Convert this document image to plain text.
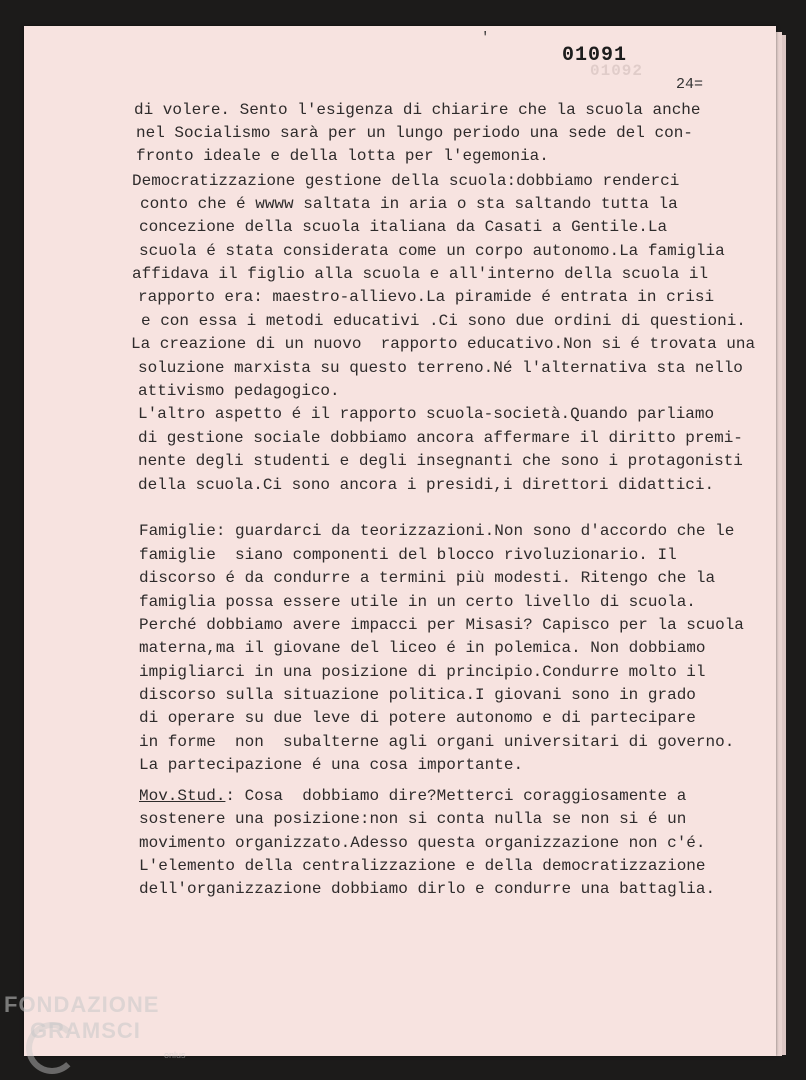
'
01092
01091
24=
di volere. Sento l'esigenza di chiarire che la scuola anche
nel Socialismo sarà per un lungo periodo una sede del con-
fronto ideale e della lotta per l'egemonia.
Democratizzazione gestione della scuola:dobbiamo renderci
conto che é wwww saltata in aria o sta saltando tutta la
concezione della scuola italiana da Casati a Gentile.La
scuola é stata considerata come un corpo autonomo.La famiglia
affidava il figlio alla scuola e all'interno della scuola il
rapporto era: maestro-allievo.La piramide é entrata in crisi
e con essa i metodi educativi .Ci sono due ordini di questioni.
La creazione di un nuovo  rapporto educativo.Non si é trovata una
soluzione marxista su questo terreno.Né l'alternativa sta nello
attivismo pedagogico.
L'altro aspetto é il rapporto scuola-società.Quando parliamo
di gestione sociale dobbiamo ancora affermare il diritto premi-
nente degli studenti e degli insegnanti che sono i protagonisti
della scuola.Ci sono ancora i presidi,i direttori didattici.
Famiglie: guardarci da teorizzazioni.Non sono d'accordo che le
famiglie  siano componenti del blocco rivoluzionario. Il
discorso é da condurre a termini più modesti. Ritengo che la
famiglia possa essere utile in un certo livello di scuola.
Perché dobbiamo avere impacci per Misasi? Capisco per la scuola
materna,ma il giovane del liceo é in polemica. Non dobbiamo
impigliarci in una posizione di principio.Condurre molto il
discorso sulla situazione politica.I giovani sono in grado
di operare su due leve di potere autonomo e di partecipare
in forme  non  subalterne agli organi universitari di governo.
La partecipazione é una cosa importante.
Mov.Stud.: Cosa  dobbiamo dire?Metterci coraggiosamente a
sostenere una posizione:non si conta nulla se non si é un
movimento organizzato.Adesso questa organizzazione non c'é.
L'elemento della centralizzazione e della democratizzazione
dell'organizzazione dobbiamo dirlo e condurre una battaglia.
FONDAZIONE
GRAMSCI
onlus
